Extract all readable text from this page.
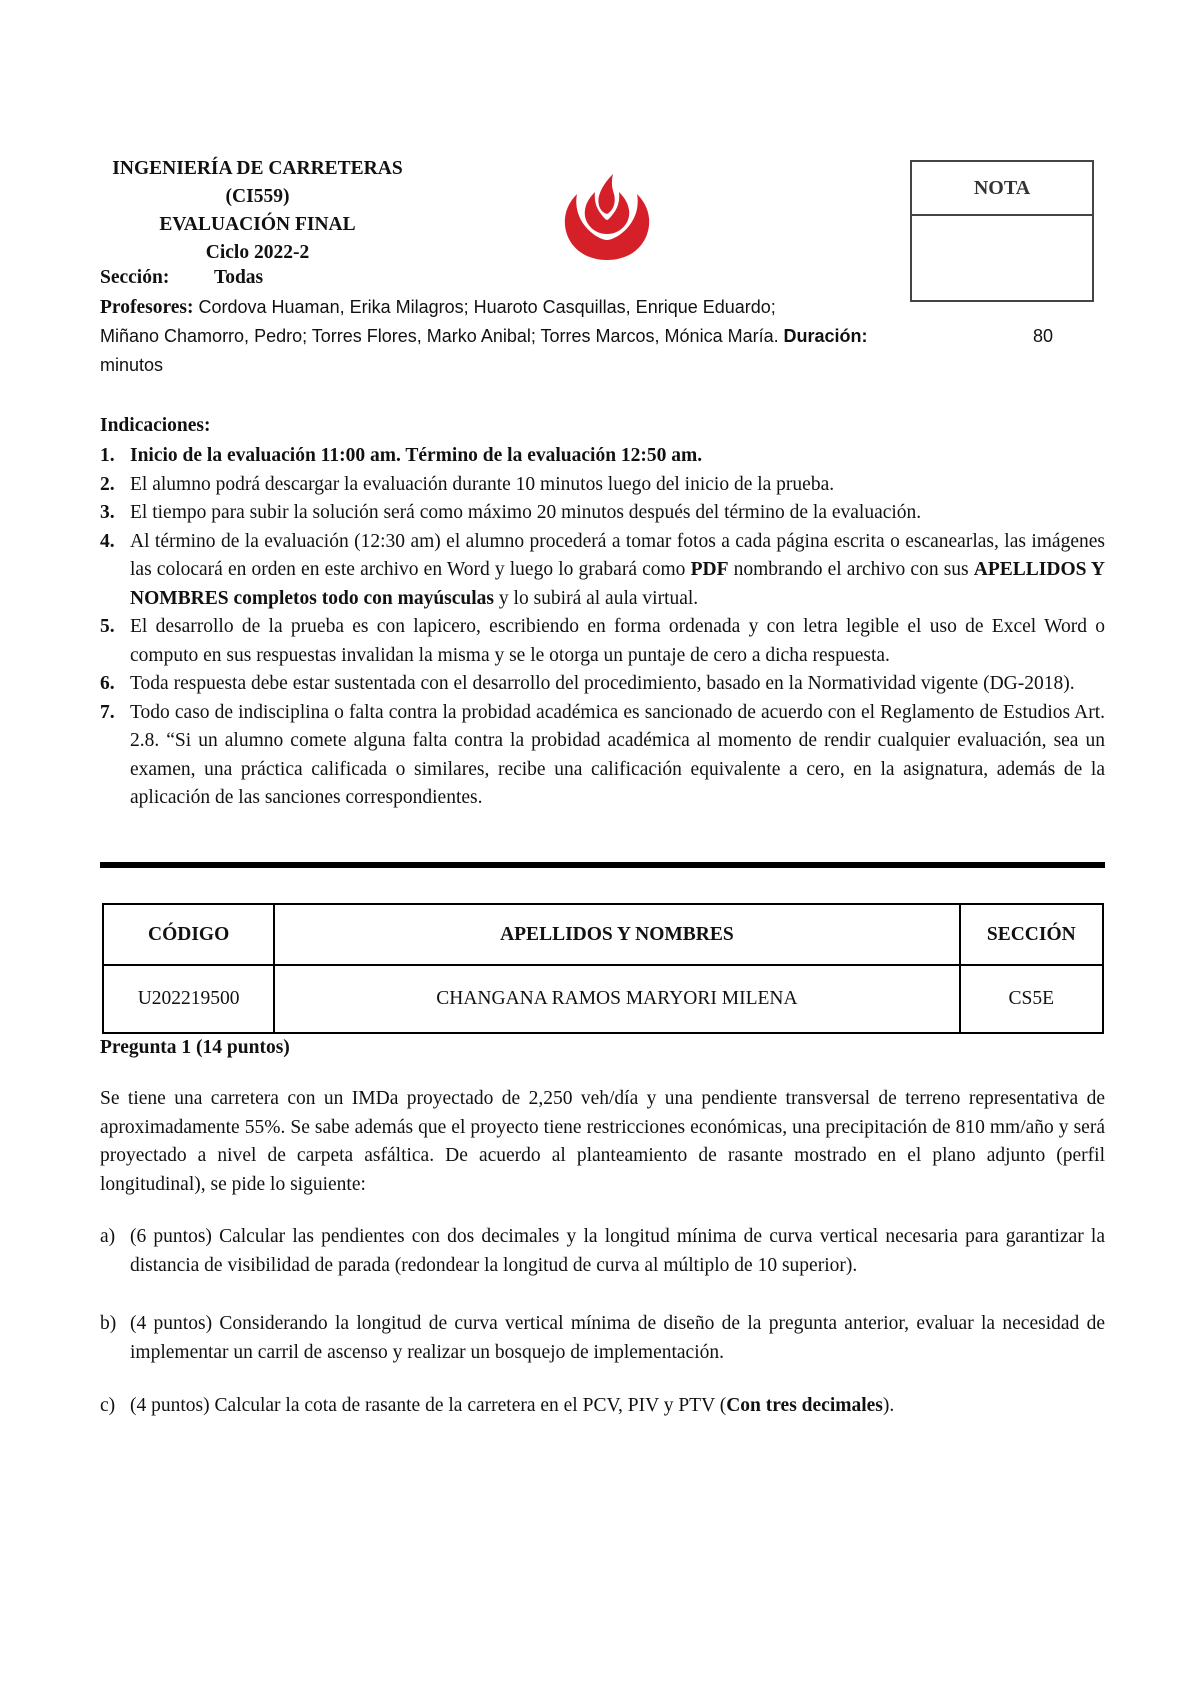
INGENIERÍA DE CARRETERAS (CI559)
EVALUACIÓN FINAL
Ciclo 2022-2
NOTA
Sección: Todas
Profesores: Cordova Huaman, Erika Milagros; Huaroto Casquillas, Enrique Eduardo;
Miñano Chamorro, Pedro; Torres Flores, Marko Anibal; Torres Marcos, Mónica María. Duración:	80
minutos
Indicaciones:
1. Inicio de la evaluación 11:00 am. Término de la evaluación 12:50 am.
2. El alumno podrá descargar la evaluación durante 10 minutos luego del inicio de la prueba.
3. El tiempo para subir la solución será como máximo 20 minutos después del término de la evaluación.
4. Al término de la evaluación (12:30 am) el alumno procederá a tomar fotos a cada página escrita o escanearlas, las imágenes las colocará en orden en este archivo en Word y luego lo grabará como PDF nombrando el archivo con sus APELLIDOS Y NOMBRES completos todo con mayúsculas y lo subirá al aula virtual.
5. El desarrollo de la prueba es con lapicero, escribiendo en forma ordenada y con letra legible el uso de Excel Word o computo en sus respuestas invalidan la misma y se le otorga un puntaje de cero a dicha respuesta.
6. Toda respuesta debe estar sustentada con el desarrollo del procedimiento, basado en la Normatividad vigente (DG-2018).
7. Todo caso de indisciplina o falta contra la probidad académica es sancionado de acuerdo con el Reglamento de Estudios Art. 2.8. “Si un alumno comete alguna falta contra la probidad académica al momento de rendir cualquier evaluación, sea un examen, una práctica calificada o similares, recibe una calificación equivalente a cero, en la asignatura, además de la aplicación de las sanciones correspondientes.
CÓDIGO	APELLIDOS Y NOMBRES	SECCIÓN
U202219500	CHANGANA RAMOS MARYORI MILENA	CS5E
Pregunta 1 (14 puntos)
Se tiene una carretera con un IMDa proyectado de 2,250 veh/día y una pendiente transversal de terreno representativa de aproximadamente 55%. Se sabe además que el proyecto tiene restricciones económicas, una precipitación de 810 mm/año y será proyectado a nivel de carpeta asfáltica. De acuerdo al planteamiento de rasante mostrado en el plano adjunto (perfil longitudinal), se pide lo siguiente:
a) (6 puntos) Calcular las pendientes con dos decimales y la longitud mínima de curva vertical necesaria para garantizar la distancia de visibilidad de parada (redondear la longitud de curva al múltiplo de 10 superior).
b) (4 puntos) Considerando la longitud de curva vertical mínima de diseño de la pregunta anterior, evaluar la necesidad de implementar un carril de ascenso y realizar un bosquejo de implementación.
c) (4 puntos) Calcular la cota de rasante de la carretera en el PCV, PIV y PTV (Con tres decimales).
